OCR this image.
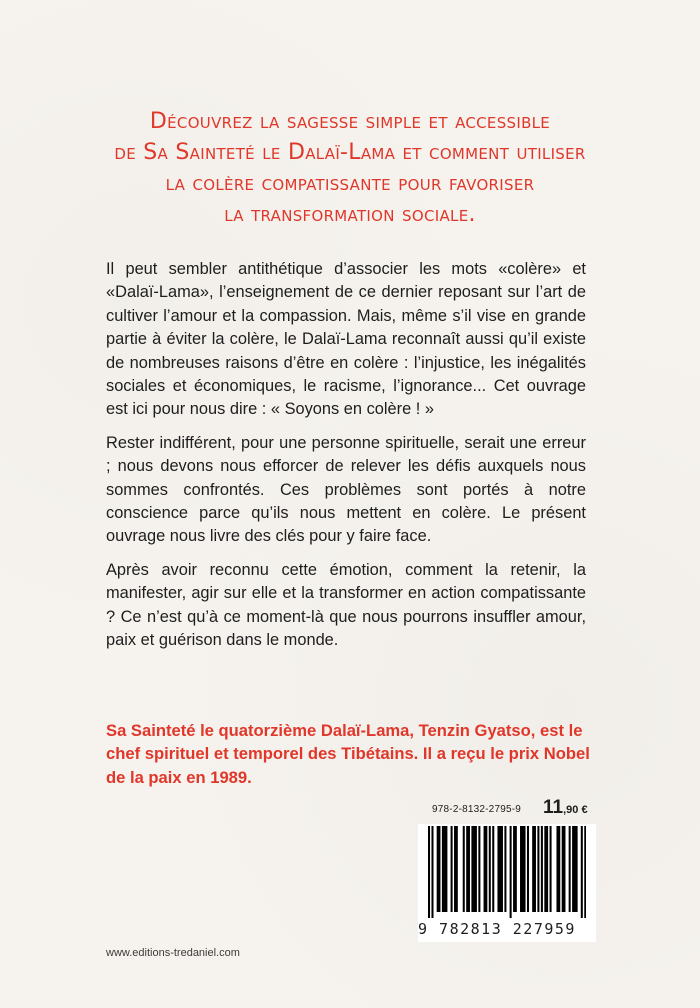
Découvrez la sagesse simple et accessible
de Sa Sainteté le Dalaï-Lama et comment utiliser
la colère compatissante pour favoriser
la transformation sociale.

Il peut sembler antithétique d’associer les mots «colère» et «Dalaï-Lama», l’enseignement de ce dernier reposant sur l’art de cultiver l’amour et la compassion. Mais, même s’il vise en grande partie à éviter la colère, le Dalaï-Lama reconnaît aussi qu’il existe de nombreuses raisons d’être en colère : l’injustice, les inégalités sociales et économiques, le racisme, l’ignorance... Cet ouvrage est ici pour nous dire : « Soyons en colère ! »

Rester indifférent, pour une personne spirituelle, serait une erreur ; nous devons nous efforcer de relever les défis auxquels nous sommes confrontés. Ces problèmes sont portés à notre conscience parce qu’ils nous mettent en colère. Le présent ouvrage nous livre des clés pour y faire face.

Après avoir reconnu cette émotion, comment la retenir, la manifester, agir sur elle et la transformer en action compatissante ? Ce n’est qu’à ce moment-là que nous pourrons insuffler amour, paix et guérison dans le monde.

Sa Sainteté le quatorzième Dalaï-Lama, Tenzin Gyatso, est le chef spirituel et temporel des Tibétains. Il a reçu le prix Nobel de la paix en 1989.
978-2-8132-2795-9 11,90 €
9 782813 227959
www.editions-tredaniel.com
